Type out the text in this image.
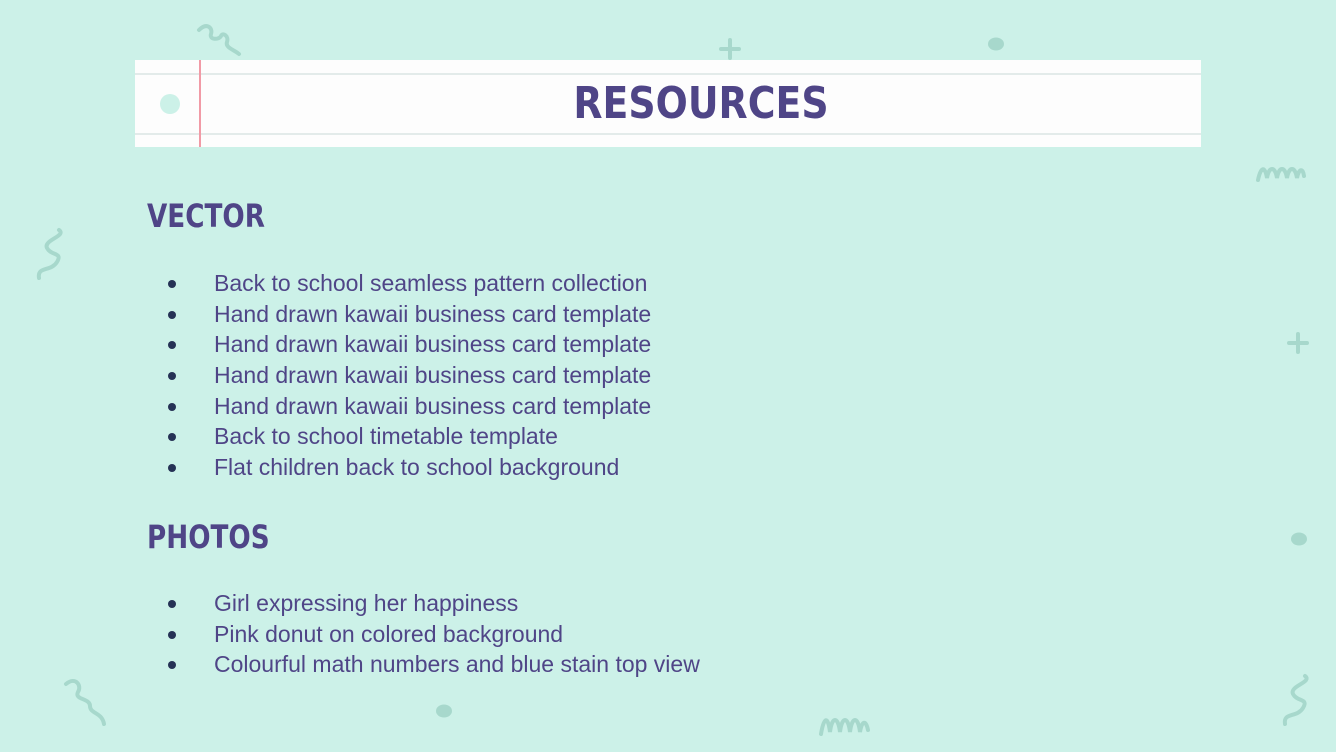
RESOURCES
VECTOR
Back to school seamless pattern collection
Hand drawn kawaii business card template
Hand drawn kawaii business card template
Hand drawn kawaii business card template
Hand drawn kawaii business card template
Back to school timetable template
Flat children back to school background
PHOTOS
Girl expressing her happiness
Pink donut on colored background
Colourful math numbers and blue stain top view
